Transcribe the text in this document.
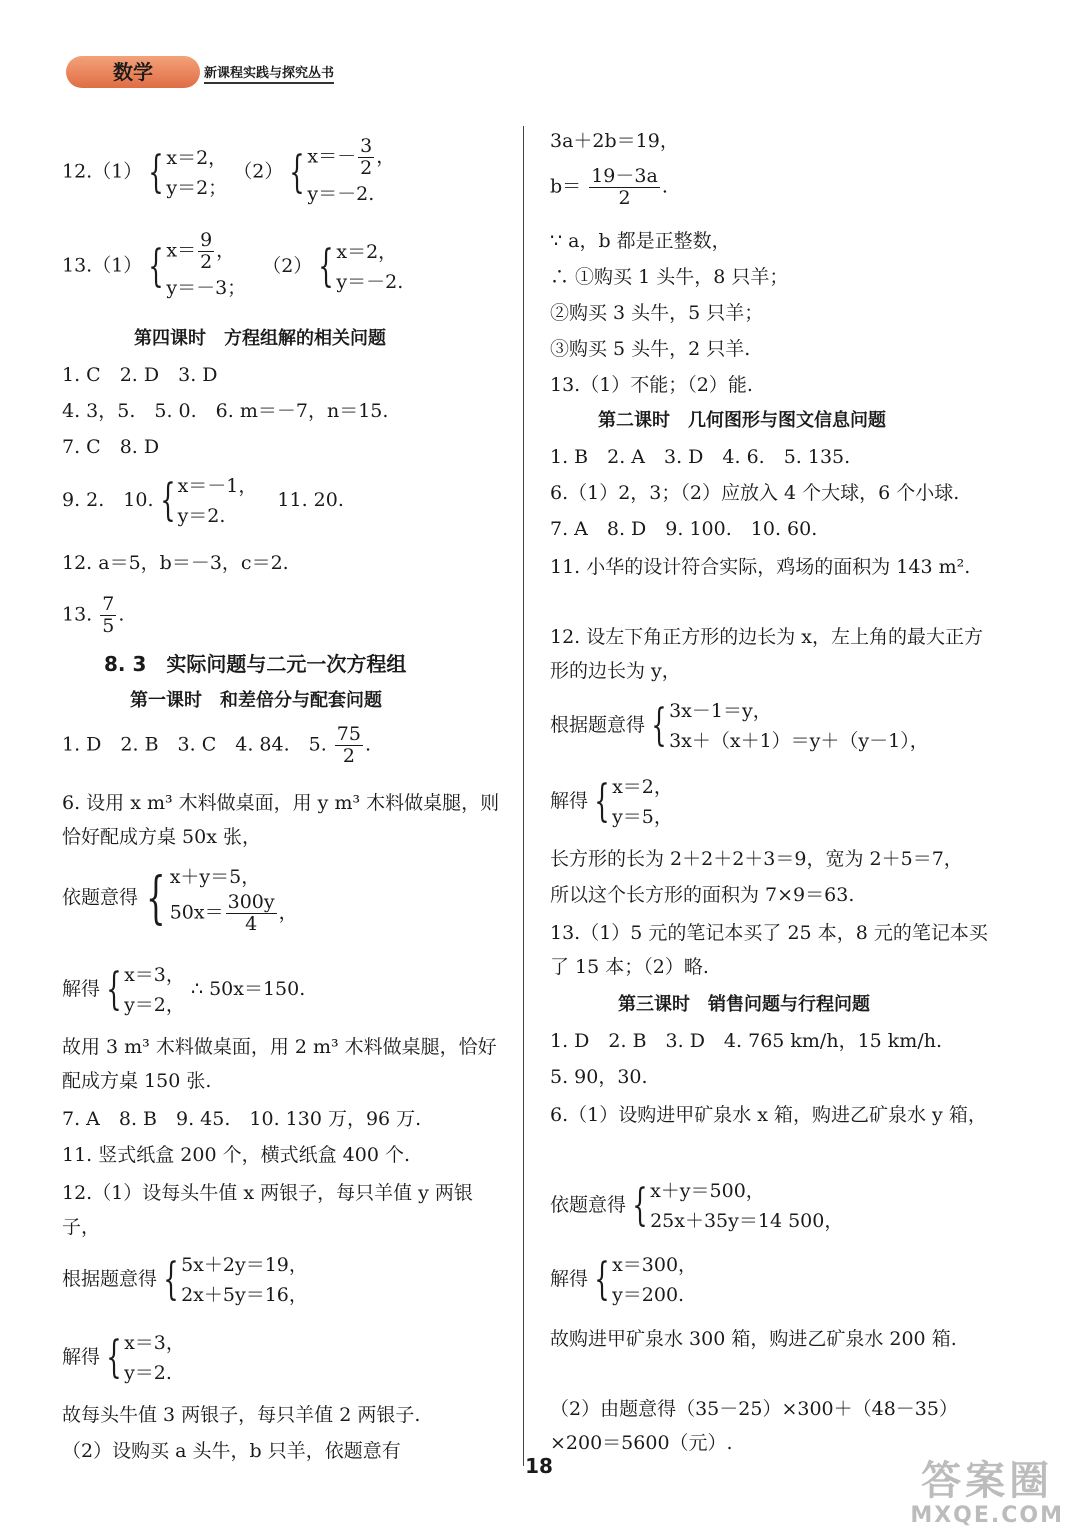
数学	新课程实践与探究丛书
12.（1） { x＝2，
y＝2；
（2） { $x=- \frac{3}{2}$ ，
y＝－2.
13.（1） { $x= \frac{9}{2}$ ，
y＝－3；
（2） { x＝2，
y＝－2.
第四课时　方程组解的相关问题
1. C　2. D　3. D
4. 3，5.　5. 0.　6. m＝－7，n＝15.
7. C　8. D
9. 2.　10. { x＝－1，
y＝2.
11. 20.
12. a＝5，b＝－3，c＝2.
13. $\frac{7}{5}$ .
8. 3　实际问题与二元一次方程组
第一课时　和差倍分与配套问题
1. D　2. B　3. C　4. 84.　5. $\frac{75}{2}$ .
6. 设用 x m³ 木料做桌面，用 y m³ 木料做桌腿，则恰好配成方桌 50x 张，
依题意得 { x＋y＝5，
$50x= \frac{300y}{4}$ ，
解得 { x＝3，
y＝2，
∴ 50x＝150.
故用 3 m³ 木料做桌面，用 2 m³ 木料做桌腿，恰好配成方桌 150 张.
7. A　8. B　9. 45.　10. 130 万，96 万.
11. 竖式纸盒 200 个，横式纸盒 400 个.
12.（1）设每头牛值 x 两银子，每只羊值 y 两银子，
根据题意得 { 5x＋2y＝19，
2x＋5y＝16，
解得 { x＝3，
y＝2.
故每头牛值 3 两银子，每只羊值 2 两银子.
（2）设购买 a 头牛，b 只羊，依题意有
3a＋2b＝19，
$b= \frac{19-3a}{2}$ .
∵ a，b 都是正整数，
∴ ①购买 1 头牛，8 只羊；
②购买 3 头牛，5 只羊；
③购买 5 头牛，2 只羊.
13.（1）不能；（2）能.
第二课时　几何图形与图文信息问题
1. B　2. A　3. D　4. 6.　5. 135.
6.（1）2，3；（2）应放入 4 个大球，6 个小球.
7. A　8. D　9. 100.　10. 60.
11. 小华的设计符合实际，鸡场的面积为 143 m².
12. 设左下角正方形的边长为 x，左上角的最大正方形的边长为 y，
根据题意得 { 3x－1＝y，
3x＋（x＋1）＝y＋（y－1），
解得 { x＝2，
y＝5，
长方形的长为 2＋2＋2＋3＝9，宽为 2＋5＝7，
所以这个长方形的面积为 7×9＝63.
13.（1）5 元的笔记本买了 25 本，8 元的笔记本买了 15 本；（2）略.
第三课时　销售问题与行程问题
1. D　2. B　3. D　4. 765 km/h，15 km/h.
5. 90，30.
6.（1）设购进甲矿泉水 x 箱，购进乙矿泉水 y 箱，
依题意得 { x＋y＝500，
25x＋35y＝14 500，
解得 { x＝300，
y＝200.
故购进甲矿泉水 300 箱，购进乙矿泉水 200 箱.
（2）由题意得（35－25）×300＋（48－35）×200＝5600（元）.
18	答案圈
MXQE.COM
